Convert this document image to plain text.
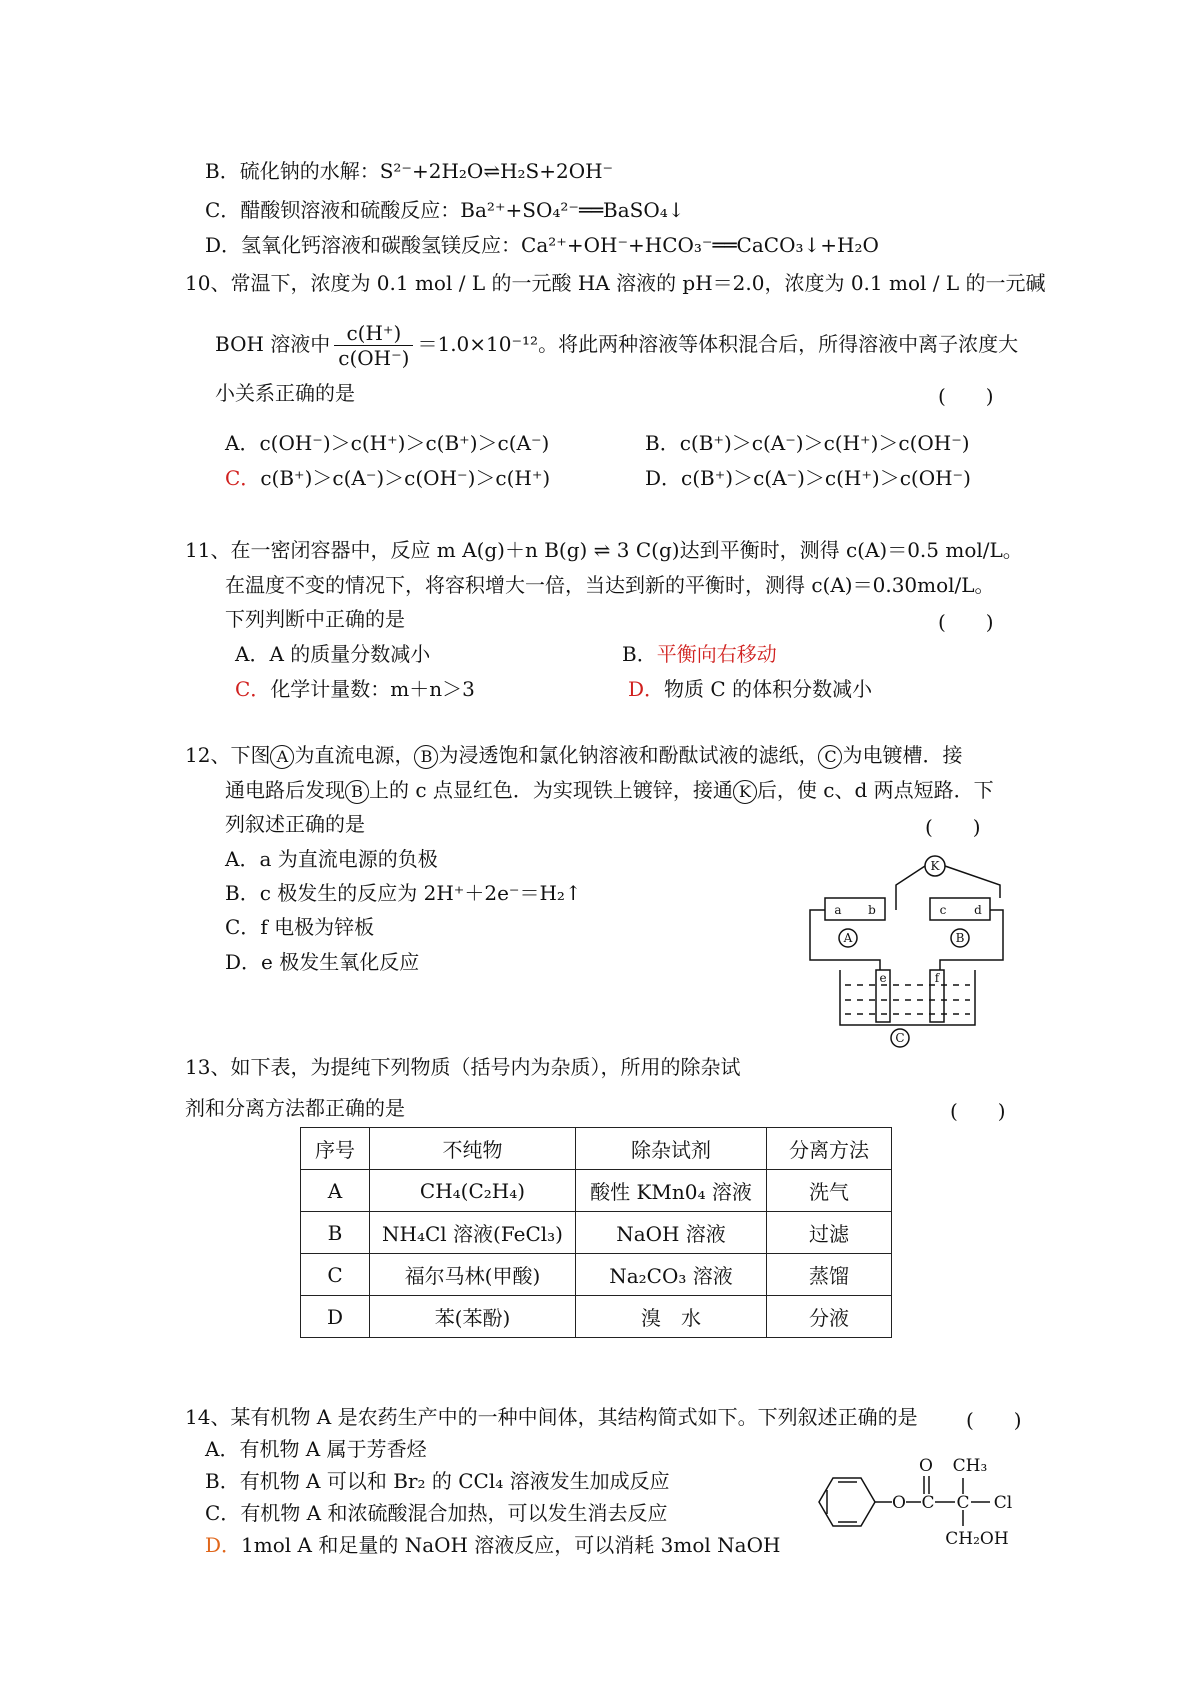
B．硫化钠的水解：S²⁻+2H₂O⇌H₂S+2OH⁻
C．醋酸钡溶液和硫酸反应：Ba²⁺+SO₄²⁻══BaSO₄↓
D．氢氧化钙溶液和碳酸氢镁反应：Ca²⁺+OH⁻+HCO₃⁻══CaCO₃↓+H₂O
10、常温下，浓度为 0.1 mol / L 的一元酸 HA 溶液的 pH＝2.0，浓度为 0.1 mol / L 的一元碱
BOH 溶液中 $\frac{c(H^+)}{c(OH^-)} =1.0\times 10^{-12}$。将此两种溶液等体积混合后，所得溶液中离子浓度大
小关系正确的是	(　　)
A．c(OH⁻)＞c(H⁺)＞c(B⁺)＞c(A⁻)	B．c(B⁺)＞c(A⁻)＞c(H⁺)＞c(OH⁻)
C．c(B⁺)＞c(A⁻)＞c(OH⁻)＞c(H⁺)	D．c(B⁺)＞c(A⁻)＞c(H⁺)＞c(OH⁻)
11、在一密闭容器中，反应 m A(g)＋n B(g) ⇌ 3 C(g)达到平衡时，测得 c(A)＝0.5 mol/L。
在温度不变的情况下，将容积增大一倍，当达到新的平衡时，测得 c(A)＝0.30mol/L。
下列判断中正确的是	(　　)
A．A 的质量分数减小	B．平衡向右移动
C．化学计量数：m＋n＞3	D．物质 C 的体积分数减小
12、下图 A 为直流电源， B 为浸透饱和氯化钠溶液和酚酞试液的滤纸， C 为电镀槽．接
通电路后发现 B 上的 c 点显红色．为实现铁上镀锌，接通 K 后，使 c、d 两点短路．下
列叙述正确的是	(　　)
A．a 为直流电源的负极
B．c 极发生的反应为 2H⁺＋2e⁻＝H₂↑
C．f 电极为锌板
D．e 极发生氧化反应
K
a b	c d
A	B
e	f
C
13、如下表，为提纯下列物质（括号内为杂质），所用的除杂试
剂和分离方法都正确的是	(　　)
序号	不纯物	除杂试剂	分离方法
A	CH₄(C₂H₄)	酸性 KMn0₄ 溶液	洗气
B	NH₄Cl 溶液(FeCl₃)	NaOH 溶液	过滤
C	福尔马林(甲酸)	Na₂CO₃ 溶液	蒸馏
D	苯(苯酚)	溴　水	分液
14、某有机物 A 是农药生产中的一种中间体，其结构简式如下。下列叙述正确的是 (　　)
A．有机物 A 属于芳香烃
B．有机物 A 可以和 Br₂ 的 CCl₄ 溶液发生加成反应
C．有机物 A 和浓硫酸混合加热，可以发生消去反应
D．1mol A 和足量的 NaOH 溶液反应，可以消耗 3mol NaOH
O CH₃
O C C Cl
CH₂OH
